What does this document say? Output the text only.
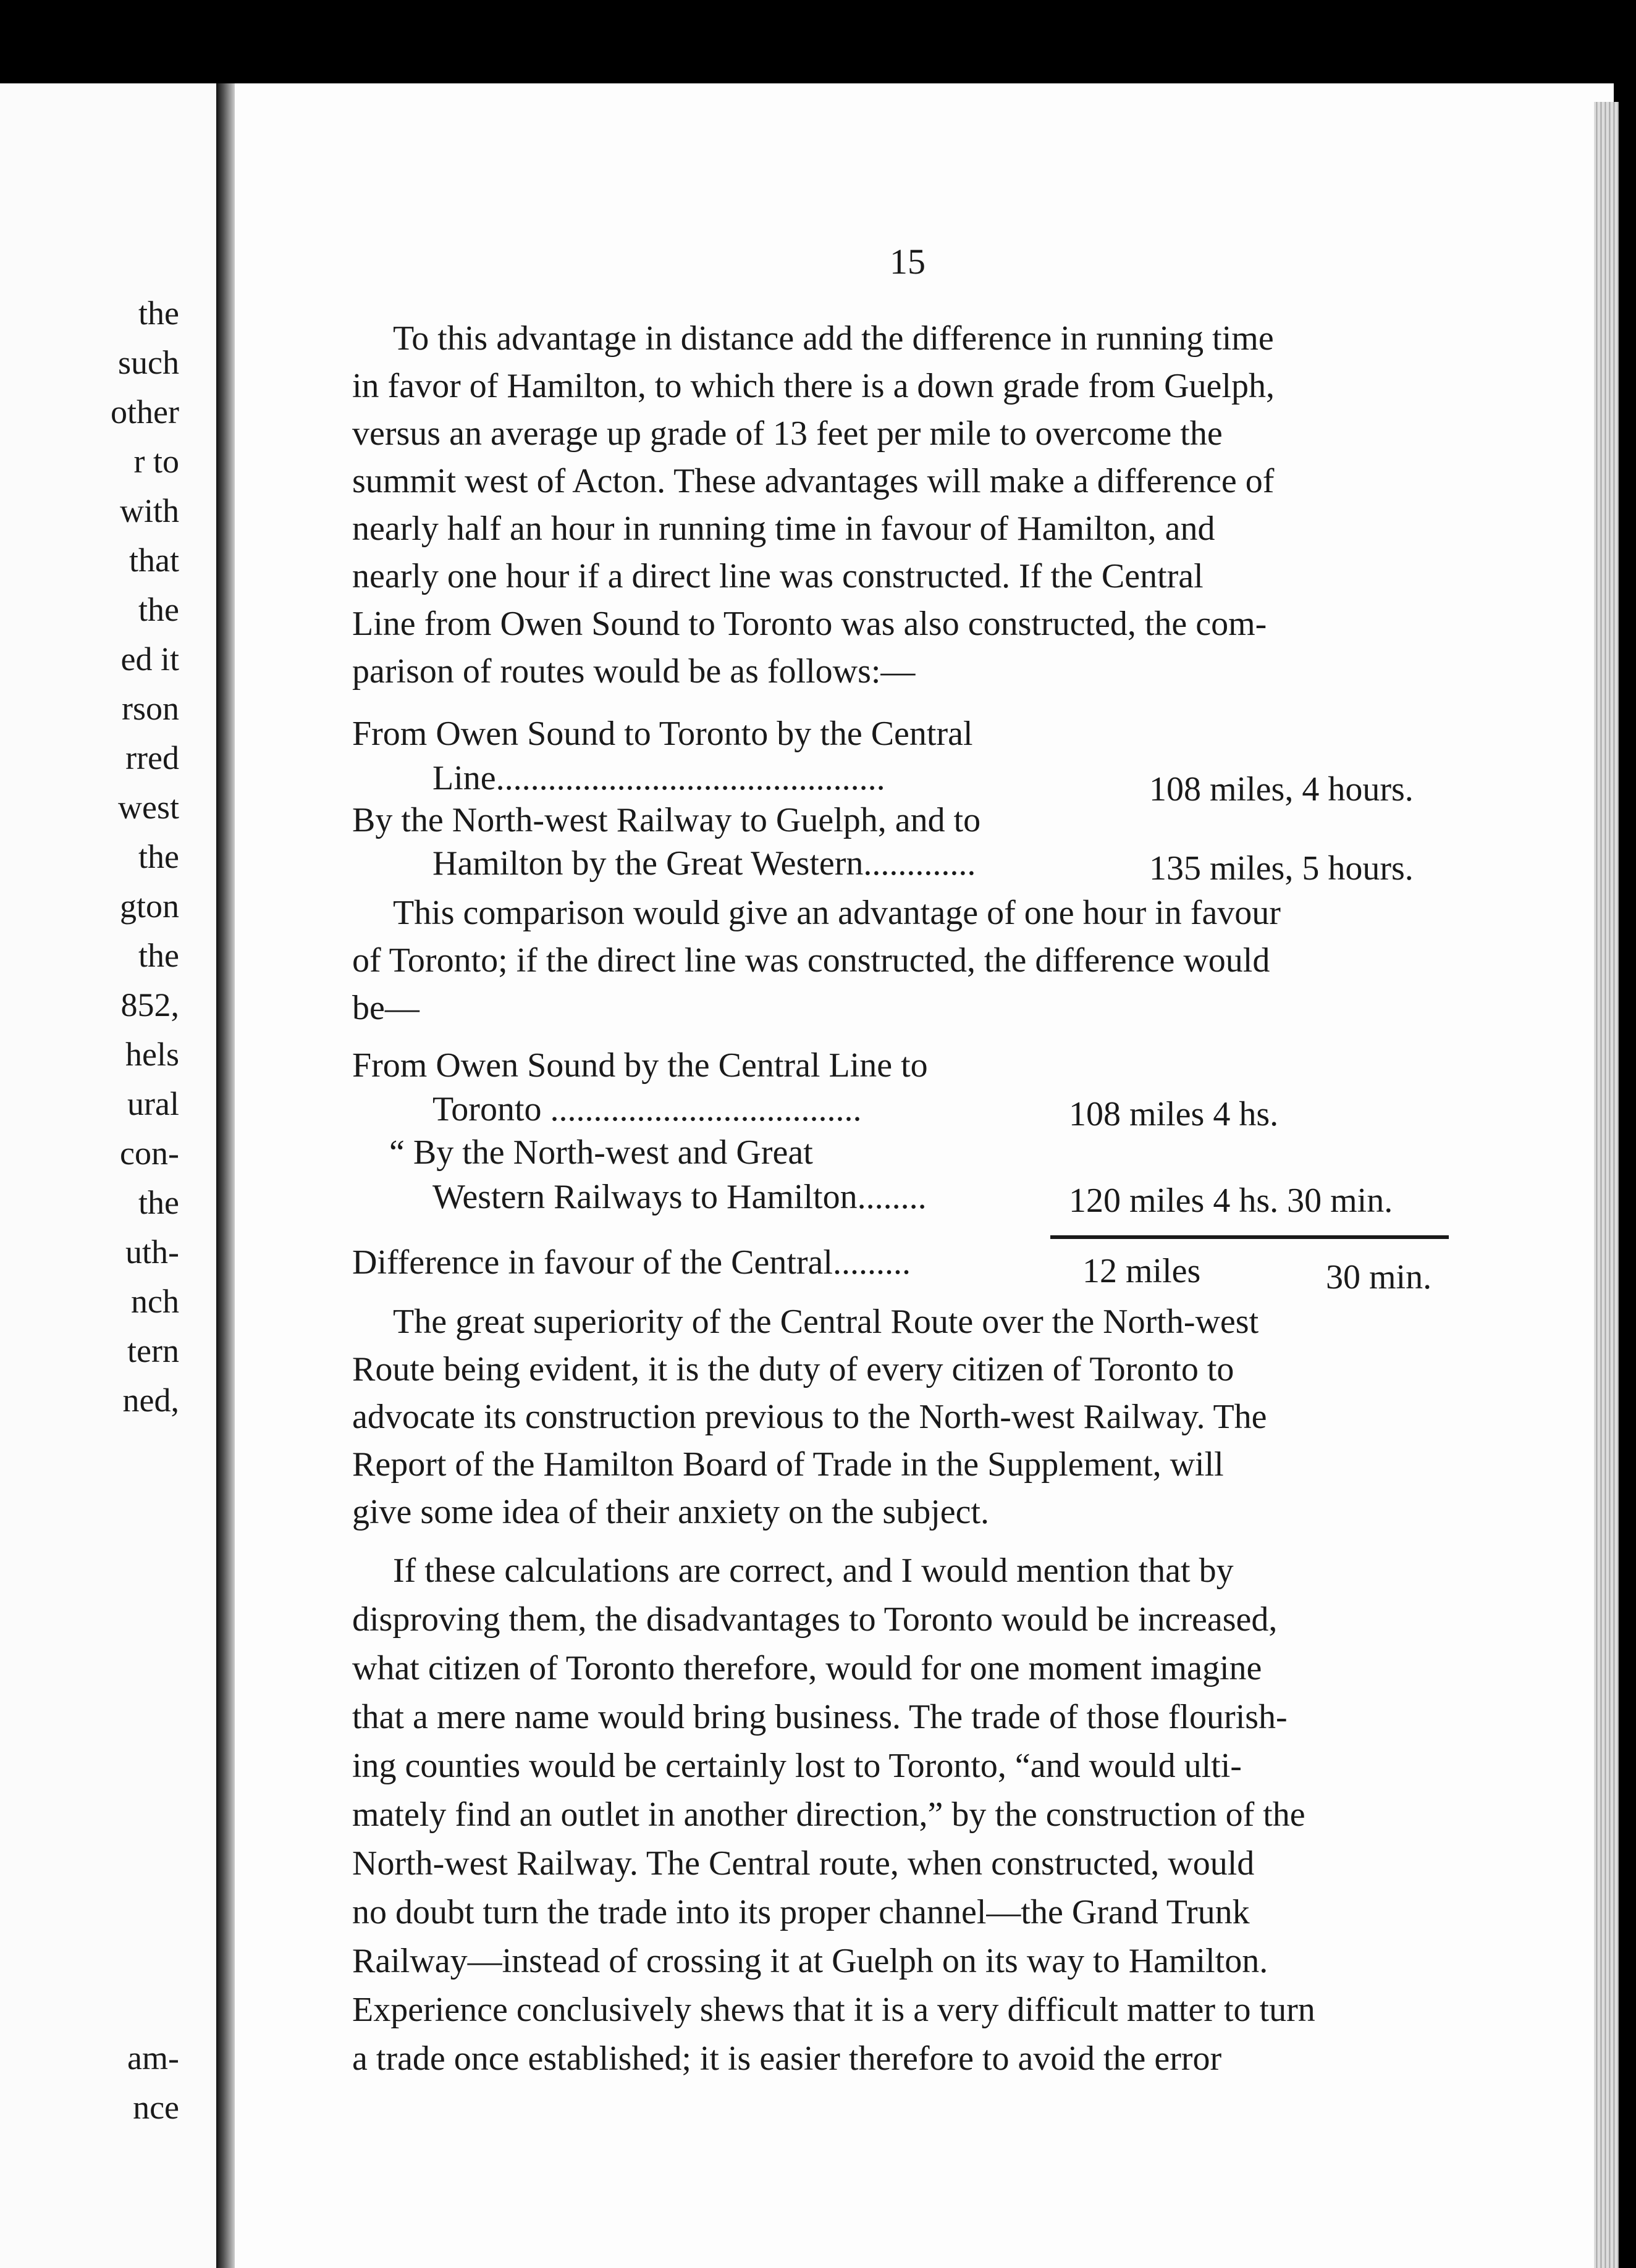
the
such
other
r to
with
that
the
ed it
rson
rred
west
the
gton
the
852,
hels
ural
con-
the
uth-
nch
tern
ned,
am-
nce
15
To this advantage in distance add the difference in running time
in favor of Hamilton, to which there is a down grade from Guelph,
versus an average up grade of 13 feet per mile to overcome the
summit west of Acton. These advantages will make a difference of
nearly half an hour in running time in favour of Hamilton, and
nearly one hour if a direct line was constructed. If the Central
Line from Owen Sound to Toronto was also constructed, the com-
parison of routes would be as follows:—
From Owen Sound to Toronto by the Central
Line.............................................	108 miles, 4 hours.
By the North-west Railway to Guelph, and to
Hamilton by the Great Western.............	135 miles, 5 hours.
This comparison would give an advantage of one hour in favour
of Toronto; if the direct line was constructed, the difference would
be—
From Owen Sound by the Central Line to
Toronto ....................................	108 miles 4 hs.
“ By the North-west and Great
Western Railways to Hamilton........	120 miles 4 hs. 30 min.
Difference in favour of the Central.........	12 miles	30 min.
The great superiority of the Central Route over the North-west
Route being evident, it is the duty of every citizen of Toronto to
advocate its construction previous to the North-west Railway. The
Report of the Hamilton Board of Trade in the Supplement, will
give some idea of their anxiety on the subject.
If these calculations are correct, and I would mention that by
disproving them, the disadvantages to Toronto would be increased,
what citizen of Toronto therefore, would for one moment imagine
that a mere name would bring business. The trade of those flourish-
ing counties would be certainly lost to Toronto, “and would ulti-
mately find an outlet in another direction,” by the construction of the
North-west Railway. The Central route, when constructed, would
no doubt turn the trade into its proper channel—the Grand Trunk
Railway—instead of crossing it at Guelph on its way to Hamilton.
Experience conclusively shews that it is a very difficult matter to turn
a trade once established; it is easier therefore to avoid the error
